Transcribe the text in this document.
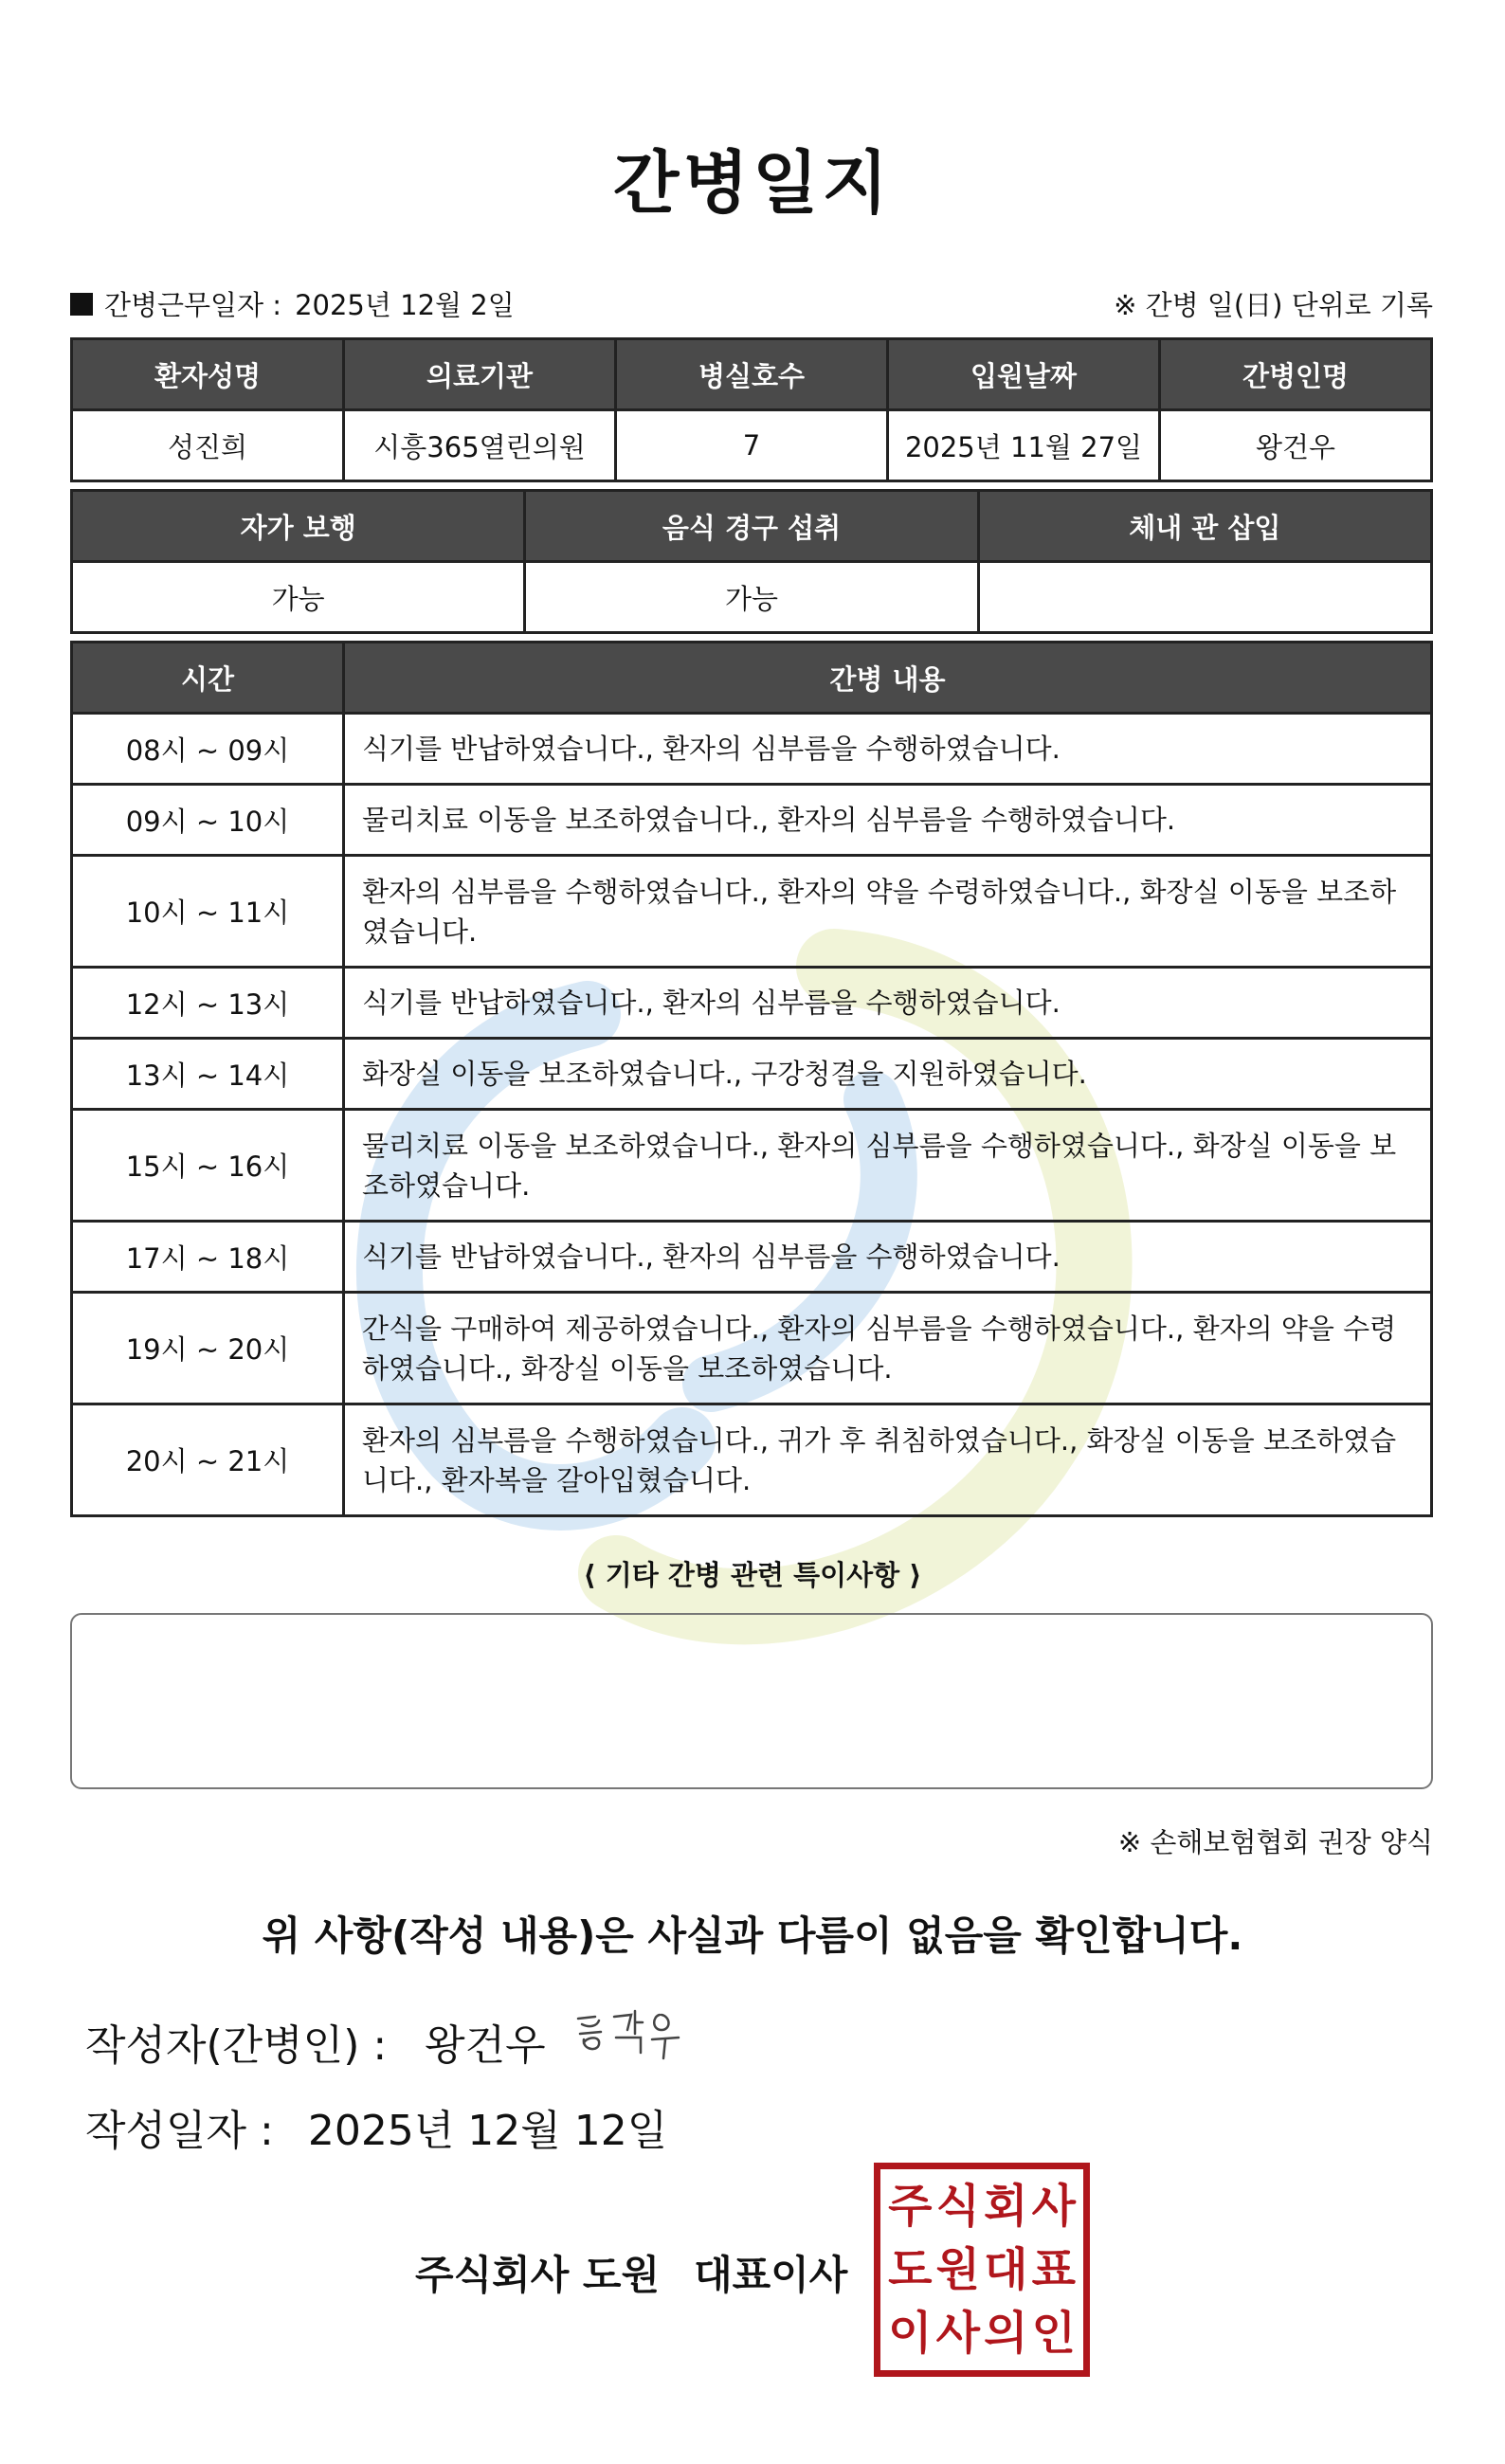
간병일지
간병근무일자 : 2025년 12월 2일	※ 간병 일(日) 단위로 기록
환자성명	의료기관	병실호수	입원날짜	간병인명
성진희	시흥365열린의원	7	2025년 11월 27일	왕건우
자가 보행	음식 경구 섭취	체내 관 삽입
가능	가능	
시간	간병 내용
08시 ~ 09시	식기를 반납하였습니다., 환자의 심부름을 수행하였습니다.
09시 ~ 10시	물리치료 이동을 보조하였습니다., 환자의 심부름을 수행하였습니다.
10시 ~ 11시	환자의 심부름을 수행하였습니다., 환자의 약을 수령하였습니다., 화장실 이동을 보조하였습니다.
12시 ~ 13시	식기를 반납하였습니다., 환자의 심부름을 수행하였습니다.
13시 ~ 14시	화장실 이동을 보조하였습니다., 구강청결을 지원하였습니다.
15시 ~ 16시	물리치료 이동을 보조하였습니다., 환자의 심부름을 수행하였습니다., 화장실 이동을 보조하였습니다.
17시 ~ 18시	식기를 반납하였습니다., 환자의 심부름을 수행하였습니다.
19시 ~ 20시	간식을 구매하여 제공하였습니다., 환자의 심부름을 수행하였습니다., 환자의 약을 수령하였습니다., 화장실 이동을 보조하였습니다.
20시 ~ 21시	환자의 심부름을 수행하였습니다., 귀가 후 취침하였습니다., 화장실 이동을 보조하였습니다., 환자복을 갈아입혔습니다.
⟨ 기타 간병 관련 특이사항 ⟩
※ 손해보험협회 권장 양식
위 사항(작성 내용)은 사실과 다름이 없음을 확인합니다.
작성자(간병인) : 왕건우
작성일자 : 2025년 12월 12일
주식회사 도원 대표이사
주 식 회 사
도 원 대 표
이 사 의 인
